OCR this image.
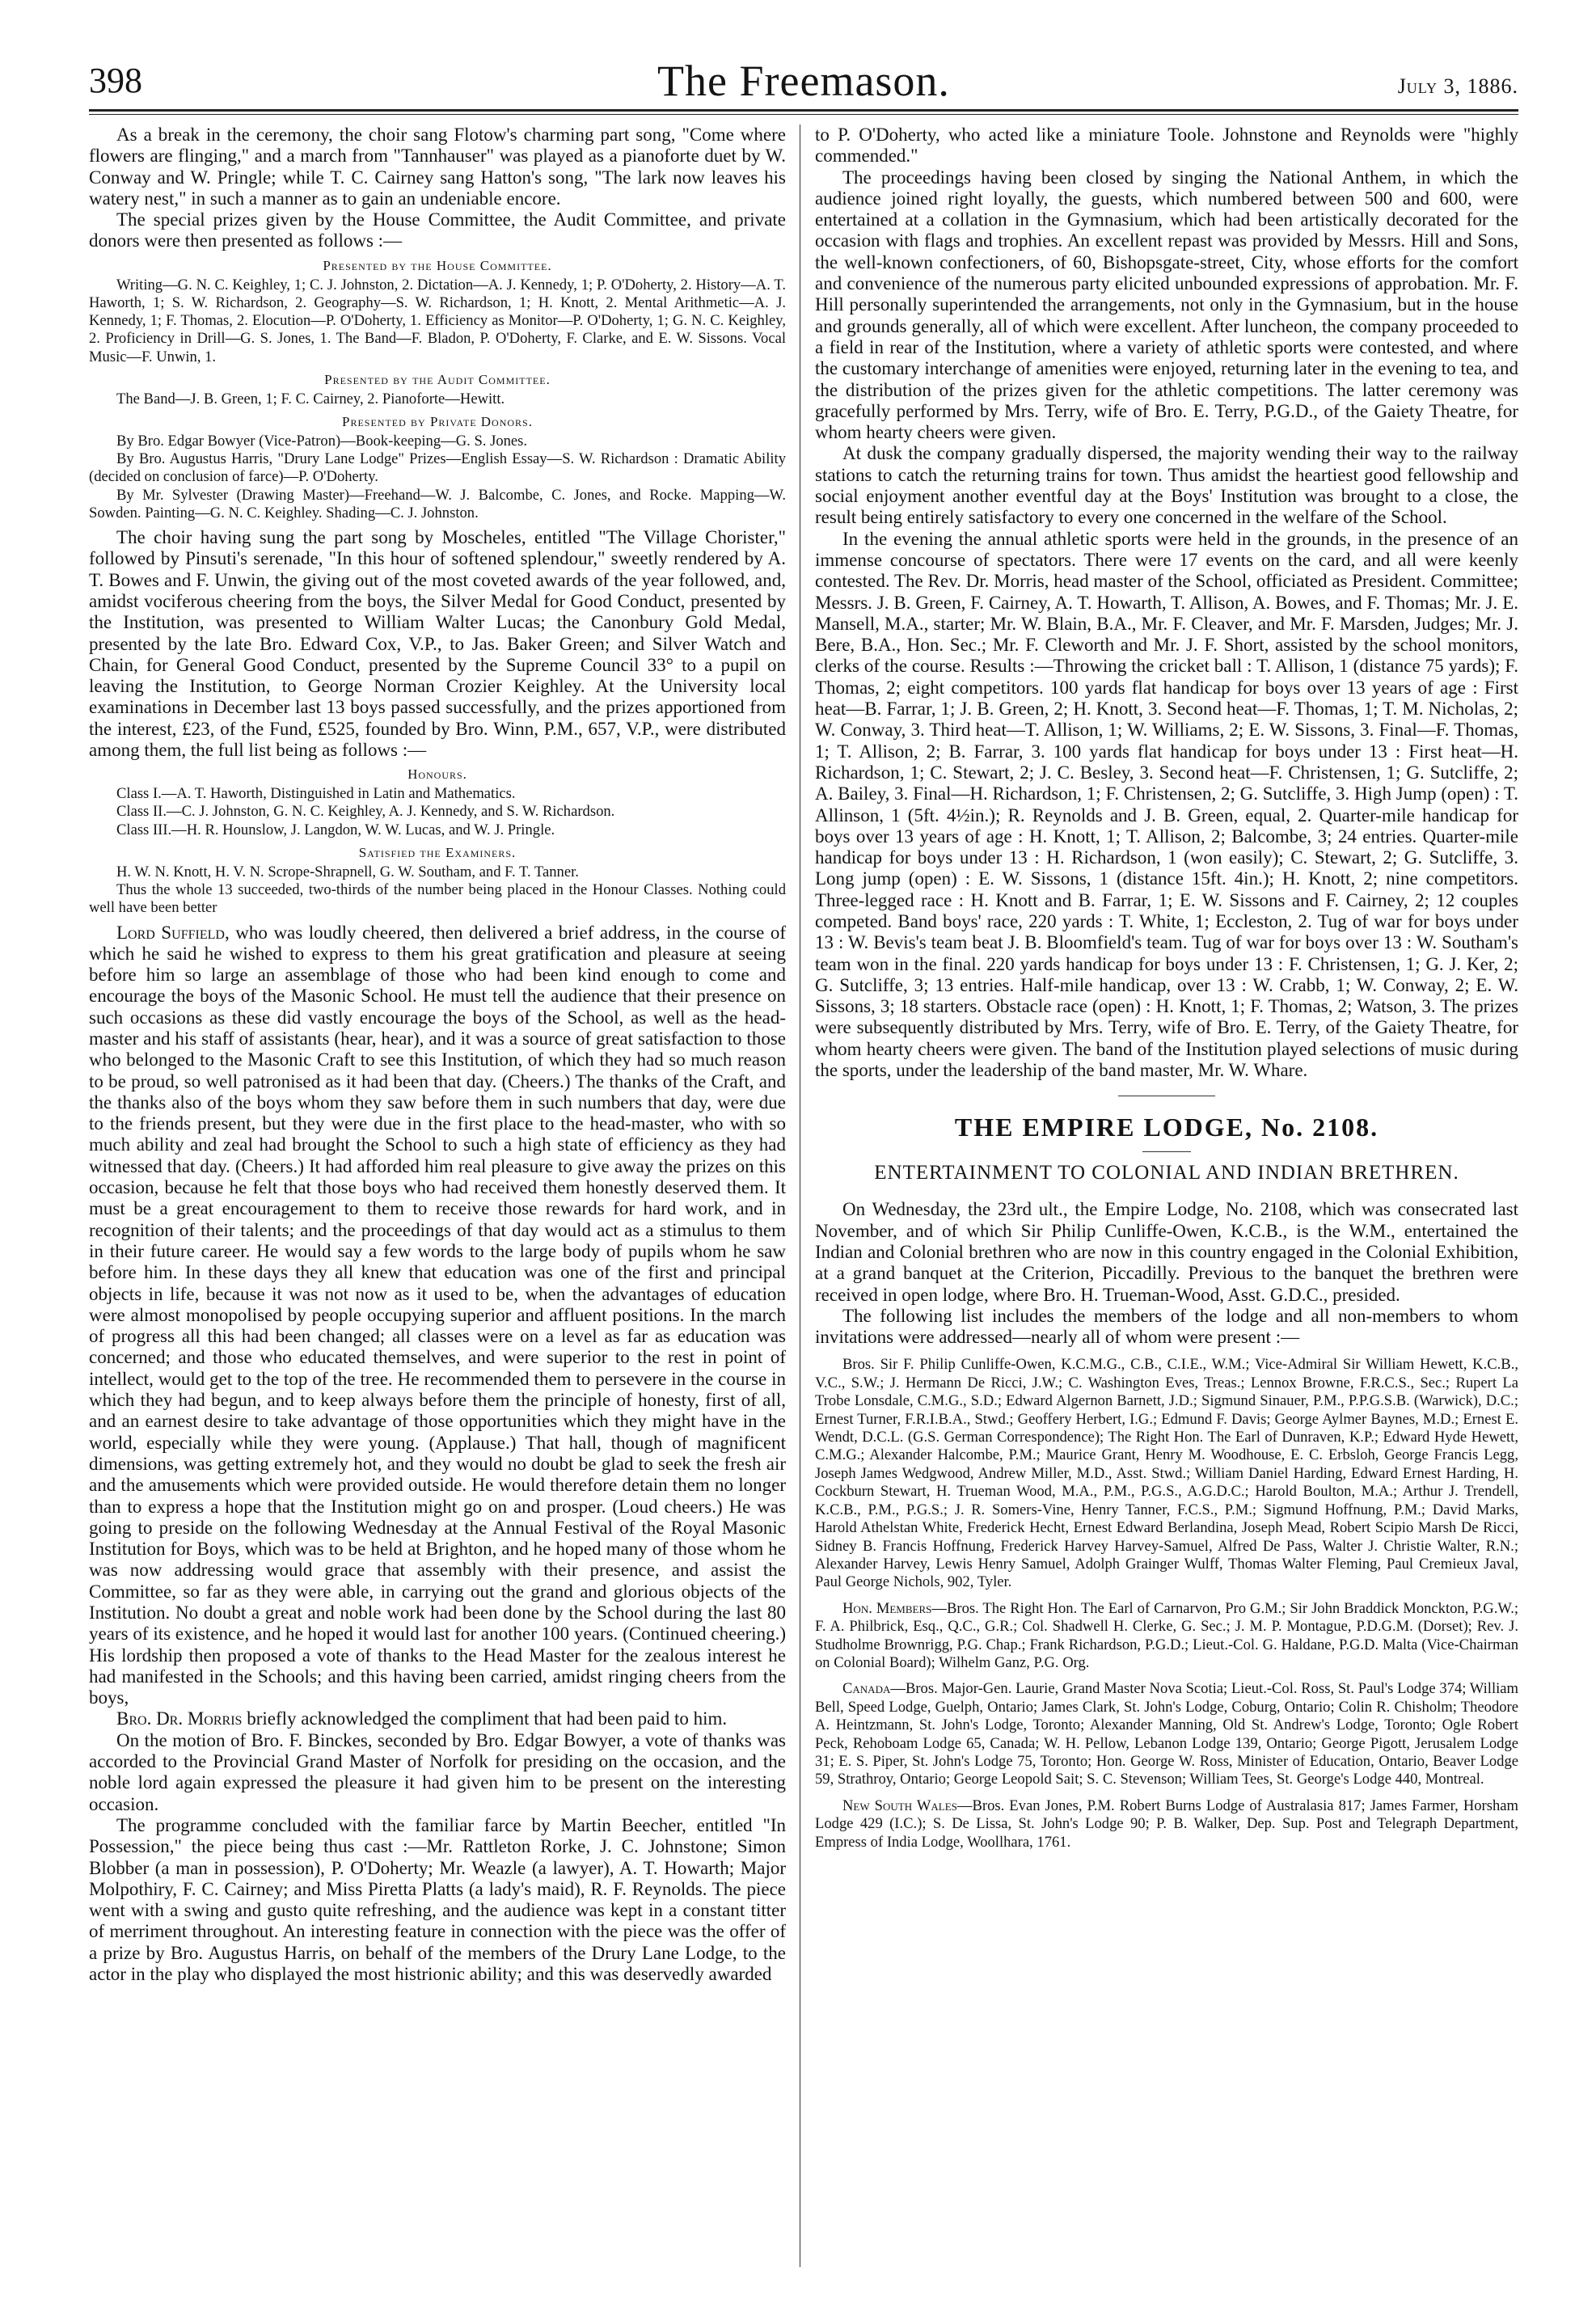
398	The Freemason.	July 3, 1886.

As a break in the ceremony, the choir sang Flotow's charming part song, "Come where flowers are flinging," and a march from "Tannhauser" was played as a pianoforte duet by W. Conway and W. Pringle; while T. C. Cairney sang Hatton's song, "The lark now leaves his watery nest," in such a manner as to gain an undeniable encore.

The special prizes given by the House Committee, the Audit Committee, and private donors were then presented as follows :—

Presented by the House Committee.

Writing—G. N. C. Keighley, 1; C. J. Johnston, 2. Dictation—A. J. Kennedy, 1; P. O'Doherty, 2. History—A. T. Haworth, 1; S. W. Richardson, 2. Geography—S. W. Richardson, 1; H. Knott, 2. Mental Arithmetic—A. J. Kennedy, 1; F. Thomas, 2. Elocution—P. O'Doherty, 1. Efficiency as Monitor—P. O'Doherty, 1; G. N. C. Keighley, 2. Proficiency in Drill—G. S. Jones, 1. The Band—F. Bladon, P. O'Doherty, F. Clarke, and E. W. Sissons. Vocal Music—F. Unwin, 1.

Presented by the Audit Committee.

The Band—J. B. Green, 1; F. C. Cairney, 2. Pianoforte—Hewitt.

Presented by Private Donors.

By Bro. Edgar Bowyer (Vice-Patron)—Book-keeping—G. S. Jones.

By Bro. Augustus Harris, "Drury Lane Lodge" Prizes—English Essay—S. W. Richardson : Dramatic Ability (decided on conclusion of farce)—P. O'Doherty.

By Mr. Sylvester (Drawing Master)—Freehand—W. J. Balcombe, C. Jones, and Rocke. Mapping—W. Sowden. Painting—G. N. C. Keighley. Shading—C. J. Johnston.

The choir having sung the part song by Moscheles, entitled "The Village Chorister," followed by Pinsuti's serenade, "In this hour of softened splendour," sweetly rendered by A. T. Bowes and F. Unwin, the giving out of the most coveted awards of the year followed, and, amidst vociferous cheering from the boys, the Silver Medal for Good Conduct, presented by the Institution, was presented to William Walter Lucas; the Canonbury Gold Medal, presented by the late Bro. Edward Cox, V.P., to Jas. Baker Green; and Silver Watch and Chain, for General Good Conduct, presented by the Supreme Council 33° to a pupil on leaving the Institution, to George Norman Crozier Keighley. At the University local examinations in December last 13 boys passed successfully, and the prizes apportioned from the interest, £23, of the Fund, £525, founded by Bro. Winn, P.M., 657, V.P., were distributed among them, the full list being as follows :—

Honours.

Class I.—A. T. Haworth, Distinguished in Latin and Mathematics.

Class II.—C. J. Johnston, G. N. C. Keighley, A. J. Kennedy, and S. W. Richardson.

Class III.—H. R. Hounslow, J. Langdon, W. W. Lucas, and W. J. Pringle.

Satisfied the Examiners.

H. W. N. Knott, H. V. N. Scrope-Shrapnell, G. W. Southam, and F. T. Tanner.

Thus the whole 13 succeeded, two-thirds of the number being placed in the Honour Classes. Nothing could well have been better

Lord Suffield, who was loudly cheered, then delivered a brief address, in the course of which he said he wished to express to them his great gratification and pleasure at seeing before him so large an assemblage of those who had been kind enough to come and encourage the boys of the Masonic School. He must tell the audience that their presence on such occasions as these did vastly encourage the boys of the School, as well as the head-master and his staff of assistants (hear, hear), and it was a source of great satisfaction to those who belonged to the Masonic Craft to see this Institution, of which they had so much reason to be proud, so well patronised as it had been that day. (Cheers.) The thanks of the Craft, and the thanks also of the boys whom they saw before them in such numbers that day, were due to the friends present, but they were due in the first place to the head-master, who with so much ability and zeal had brought the School to such a high state of efficiency as they had witnessed that day. (Cheers.) It had afforded him real pleasure to give away the prizes on this occasion, because he felt that those boys who had received them honestly deserved them. It must be a great encouragement to them to receive those rewards for hard work, and in recognition of their talents; and the proceedings of that day would act as a stimulus to them in their future career. He would say a few words to the large body of pupils whom he saw before him. In these days they all knew that education was one of the first and principal objects in life, because it was not now as it used to be, when the advantages of education were almost monopolised by people occupying superior and affluent positions. In the march of progress all this had been changed; all classes were on a level as far as education was concerned; and those who educated themselves, and were superior to the rest in point of intellect, would get to the top of the tree. He recommended them to persevere in the course in which they had begun, and to keep always before them the principle of honesty, first of all, and an earnest desire to take advantage of those opportunities which they might have in the world, especially while they were young. (Applause.) That hall, though of magnificent dimensions, was getting extremely hot, and they would no doubt be glad to seek the fresh air and the amusements which were provided outside. He would therefore detain them no longer than to express a hope that the Institution might go on and prosper. (Loud cheers.) He was going to preside on the following Wednesday at the Annual Festival of the Royal Masonic Institution for Boys, which was to be held at Brighton, and he hoped many of those whom he was now addressing would grace that assembly with their presence, and assist the Committee, so far as they were able, in carrying out the grand and glorious objects of the Institution. No doubt a great and noble work had been done by the School during the last 80 years of its existence, and he hoped it would last for another 100 years. (Continued cheering.) His lordship then proposed a vote of thanks to the Head Master for the zealous interest he had manifested in the Schools; and this having been carried, amidst ringing cheers from the boys,

Bro. Dr. Morris briefly acknowledged the compliment that had been paid to him.

On the motion of Bro. F. Binckes, seconded by Bro. Edgar Bowyer, a vote of thanks was accorded to the Provincial Grand Master of Norfolk for presiding on the occasion, and the noble lord again expressed the pleasure it had given him to be present on the interesting occasion.

The programme concluded with the familiar farce by Martin Beecher, entitled "In Possession," the piece being thus cast :—Mr. Rattleton Rorke, J. C. Johnstone; Simon Blobber (a man in possession), P. O'Doherty; Mr. Weazle (a lawyer), A. T. Howarth; Major Molpothiry, F. C. Cairney; and Miss Piretta Platts (a lady's maid), R. F. Reynolds. The piece went with a swing and gusto quite refreshing, and the audience was kept in a constant titter of merriment throughout. An interesting feature in connection with the piece was the offer of a prize by Bro. Augustus Harris, on behalf of the members of the Drury Lane Lodge, to the actor in the play who displayed the most histrionic ability; and this was deservedly awarded

to P. O'Doherty, who acted like a miniature Toole. Johnstone and Reynolds were "highly commended."

The proceedings having been closed by singing the National Anthem, in which the audience joined right loyally, the guests, which numbered between 500 and 600, were entertained at a collation in the Gymnasium, which had been artistically decorated for the occasion with flags and trophies. An excellent repast was provided by Messrs. Hill and Sons, the well-known confectioners, of 60, Bishopsgate-street, City, whose efforts for the comfort and convenience of the numerous party elicited unbounded expressions of approbation. Mr. F. Hill personally superintended the arrangements, not only in the Gymnasium, but in the house and grounds generally, all of which were excellent. After luncheon, the company proceeded to a field in rear of the Institution, where a variety of athletic sports were contested, and where the customary interchange of amenities were enjoyed, returning later in the evening to tea, and the distribution of the prizes given for the athletic competitions. The latter ceremony was gracefully performed by Mrs. Terry, wife of Bro. E. Terry, P.G.D., of the Gaiety Theatre, for whom hearty cheers were given.

At dusk the company gradually dispersed, the majority wending their way to the railway stations to catch the returning trains for town. Thus amidst the heartiest good fellowship and social enjoyment another eventful day at the Boys' Institution was brought to a close, the result being entirely satisfactory to every one concerned in the welfare of the School.

In the evening the annual athletic sports were held in the grounds, in the presence of an immense concourse of spectators. There were 17 events on the card, and all were keenly contested. The Rev. Dr. Morris, head master of the School, officiated as President. Committee; Messrs. J. B. Green, F. Cairney, A. T. Howarth, T. Allison, A. Bowes, and F. Thomas; Mr. J. E. Mansell, M.A., starter; Mr. W. Blain, B.A., Mr. F. Cleaver, and Mr. F. Marsden, Judges; Mr. J. Bere, B.A., Hon. Sec.; Mr. F. Cleworth and Mr. J. F. Short, assisted by the school monitors, clerks of the course. Results :—Throwing the cricket ball : T. Allison, 1 (distance 75 yards); F. Thomas, 2; eight competitors. 100 yards flat handicap for boys over 13 years of age : First heat—B. Farrar, 1; J. B. Green, 2; H. Knott, 3. Second heat—F. Thomas, 1; T. M. Nicholas, 2; W. Conway, 3. Third heat—T. Allison, 1; W. Williams, 2; E. W. Sissons, 3. Final—F. Thomas, 1; T. Allison, 2; B. Farrar, 3. 100 yards flat handicap for boys under 13 : First heat—H. Richardson, 1; C. Stewart, 2; J. C. Besley, 3. Second heat—F. Christensen, 1; G. Sutcliffe, 2; A. Bailey, 3. Final—H. Richardson, 1; F. Christensen, 2; G. Sutcliffe, 3. High Jump (open) : T. Allinson, 1 (5ft. 4½in.); R. Reynolds and J. B. Green, equal, 2. Quarter-mile handicap for boys over 13 years of age : H. Knott, 1; T. Allison, 2; Balcombe, 3; 24 entries. Quarter-mile handicap for boys under 13 : H. Richardson, 1 (won easily); C. Stewart, 2; G. Sutcliffe, 3. Long jump (open) : E. W. Sissons, 1 (distance 15ft. 4in.); H. Knott, 2; nine competitors. Three-legged race : H. Knott and B. Farrar, 1; E. W. Sissons and F. Cairney, 2; 12 couples competed. Band boys' race, 220 yards : T. White, 1; Eccleston, 2. Tug of war for boys under 13 : W. Bevis's team beat J. B. Bloomfield's team. Tug of war for boys over 13 : W. Southam's team won in the final. 220 yards handicap for boys under 13 : F. Christensen, 1; G. J. Ker, 2; G. Sutcliffe, 3; 13 entries. Half-mile handicap, over 13 : W. Crabb, 1; W. Conway, 2; E. W. Sissons, 3; 18 starters. Obstacle race (open) : H. Knott, 1; F. Thomas, 2; Watson, 3. The prizes were subsequently distributed by Mrs. Terry, wife of Bro. E. Terry, of the Gaiety Theatre, for whom hearty cheers were given. The band of the Institution played selections of music during the sports, under the leadership of the band master, Mr. W. Whare.

THE EMPIRE LODGE, No. 2108.
ENTERTAINMENT TO COLONIAL AND INDIAN BRETHREN.

On Wednesday, the 23rd ult., the Empire Lodge, No. 2108, which was consecrated last November, and of which Sir Philip Cunliffe-Owen, K.C.B., is the W.M., entertained the Indian and Colonial brethren who are now in this country engaged in the Colonial Exhibition, at a grand banquet at the Criterion, Piccadilly. Previous to the banquet the brethren were received in open lodge, where Bro. H. Trueman-Wood, Asst. G.D.C., presided.

The following list includes the members of the lodge and all non-members to whom invitations were addressed—nearly all of whom were present :—

Bros. Sir F. Philip Cunliffe-Owen, K.C.M.G., C.B., C.I.E., W.M.; Vice-Admiral Sir William Hewett, K.C.B., V.C., S.W.; J. Hermann De Ricci, J.W.; C. Washington Eves, Treas.; Lennox Browne, F.R.C.S., Sec.; Rupert La Trobe Lonsdale, C.M.G., S.D.; Edward Algernon Barnett, J.D.; Sigmund Sinauer, P.M., P.P.G.S.B. (Warwick), D.C.; Ernest Turner, F.R.I.B.A., Stwd.; Geoffery Herbert, I.G.; Edmund F. Davis; George Aylmer Baynes, M.D.; Ernest E. Wendt, D.C.L. (G.S. German Correspondence); The Right Hon. The Earl of Dunraven, K.P.; Edward Hyde Hewett, C.M.G.; Alexander Halcombe, P.M.; Maurice Grant, Henry M. Woodhouse, E. C. Erbsloh, George Francis Legg, Joseph James Wedgwood, Andrew Miller, M.D., Asst. Stwd.; William Daniel Harding, Edward Ernest Harding, H. Cockburn Stewart, H. Trueman Wood, M.A., P.M., P.G.S., A.G.D.C.; Harold Boulton, M.A.; Arthur J. Trendell, K.C.B., P.M., P.G.S.; J. R. Somers-Vine, Henry Tanner, F.C.S., P.M.; Sigmund Hoffnung, P.M.; David Marks, Harold Athelstan White, Frederick Hecht, Ernest Edward Berlandina, Joseph Mead, Robert Scipio Marsh De Ricci, Sidney B. Francis Hoffnung, Frederick Harvey Harvey-Samuel, Alfred De Pass, Walter J. Christie Walter, R.N.; Alexander Harvey, Lewis Henry Samuel, Adolph Grainger Wulff, Thomas Walter Fleming, Paul Cremieux Javal, Paul George Nichols, 902, Tyler.

Hon. Members—Bros. The Right Hon. The Earl of Carnarvon, Pro G.M.; Sir John Braddick Monckton, P.G.W.; F. A. Philbrick, Esq., Q.C., G.R.; Col. Shadwell H. Clerke, G. Sec.; J. M. P. Montague, P.D.G.M. (Dorset); Rev. J. Studholme Brownrigg, P.G. Chap.; Frank Richardson, P.G.D.; Lieut.-Col. G. Haldane, P.G.D. Malta (Vice-Chairman on Colonial Board); Wilhelm Ganz, P.G. Org.

Canada—Bros. Major-Gen. Laurie, Grand Master Nova Scotia; Lieut.-Col. Ross, St. Paul's Lodge 374; William Bell, Speed Lodge, Guelph, Ontario; James Clark, St. John's Lodge, Coburg, Ontario; Colin R. Chisholm; Theodore A. Heintzmann, St. John's Lodge, Toronto; Alexander Manning, Old St. Andrew's Lodge, Toronto; Ogle Robert Peck, Rehoboam Lodge 65, Canada; W. H. Pellow, Lebanon Lodge 139, Ontario; George Pigott, Jerusalem Lodge 31; E. S. Piper, St. John's Lodge 75, Toronto; Hon. George W. Ross, Minister of Education, Ontario, Beaver Lodge 59, Strathroy, Ontario; George Leopold Sait; S. C. Stevenson; William Tees, St. George's Lodge 440, Montreal.

New South Wales—Bros. Evan Jones, P.M. Robert Burns Lodge of Australasia 817; James Farmer, Horsham Lodge 429 (I.C.); S. De Lissa, St. John's Lodge 90; P. B. Walker, Dep. Sup. Post and Telegraph Department, Empress of India Lodge, Woollhara, 1761.
